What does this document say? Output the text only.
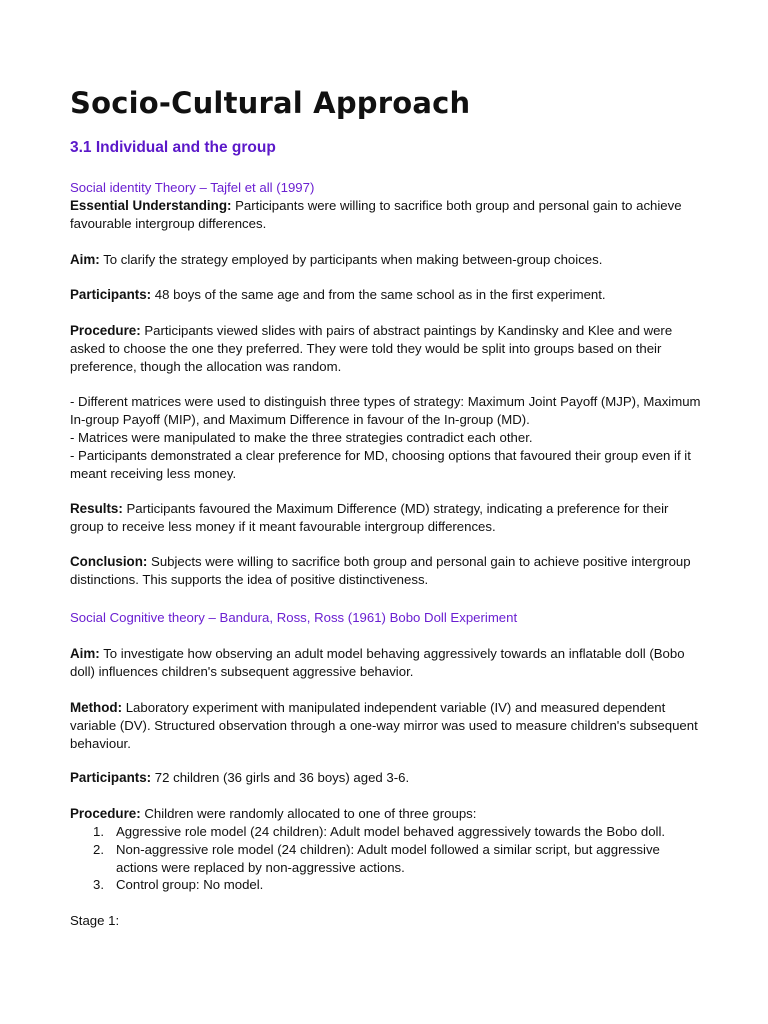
Socio-Cultural Approach
3.1 Individual and the group

Social identity Theory – Tajfel et all (1997)

Essential Understanding: Participants were willing to sacrifice both group and personal gain to achieve favourable intergroup differences.

Aim: To clarify the strategy employed by participants when making between-group choices.

Participants: 48 boys of the same age and from the same school as in the first experiment.

Procedure: Participants viewed slides with pairs of abstract paintings by Kandinsky and Klee and were asked to choose the one they preferred. They were told they would be split into groups based on their preference, though the allocation was random.

- Different matrices were used to distinguish three types of strategy: Maximum Joint Payoff (MJP), Maximum In-group Payoff (MIP), and Maximum Difference in favour of the In-group (MD).

- Matrices were manipulated to make the three strategies contradict each other.

- Participants demonstrated a clear preference for MD, choosing options that favoured their group even if it meant receiving less money.

Results: Participants favoured the Maximum Difference (MD) strategy, indicating a preference for their group to receive less money if it meant favourable intergroup differences.

Conclusion: Subjects were willing to sacrifice both group and personal gain to achieve positive intergroup distinctions. This supports the idea of positive distinctiveness.

Social Cognitive theory – Bandura, Ross, Ross (1961) Bobo Doll Experiment

Aim: To investigate how observing an adult model behaving aggressively towards an inflatable doll (Bobo doll) influences children's subsequent aggressive behavior.

Method: Laboratory experiment with manipulated independent variable (IV) and measured dependent variable (DV). Structured observation through a one-way mirror was used to measure children's subsequent behaviour.

Participants: 72 children (36 girls and 36 boys) aged 3-6.

Procedure: Children were randomly allocated to one of three groups:

1. Aggressive role model (24 children): Adult model behaved aggressively towards the Bobo doll.
2. Non-aggressive role model (24 children): Adult model followed a similar script, but aggressive actions were replaced by non-aggressive actions.
3. Control group: No model.

Stage 1:
